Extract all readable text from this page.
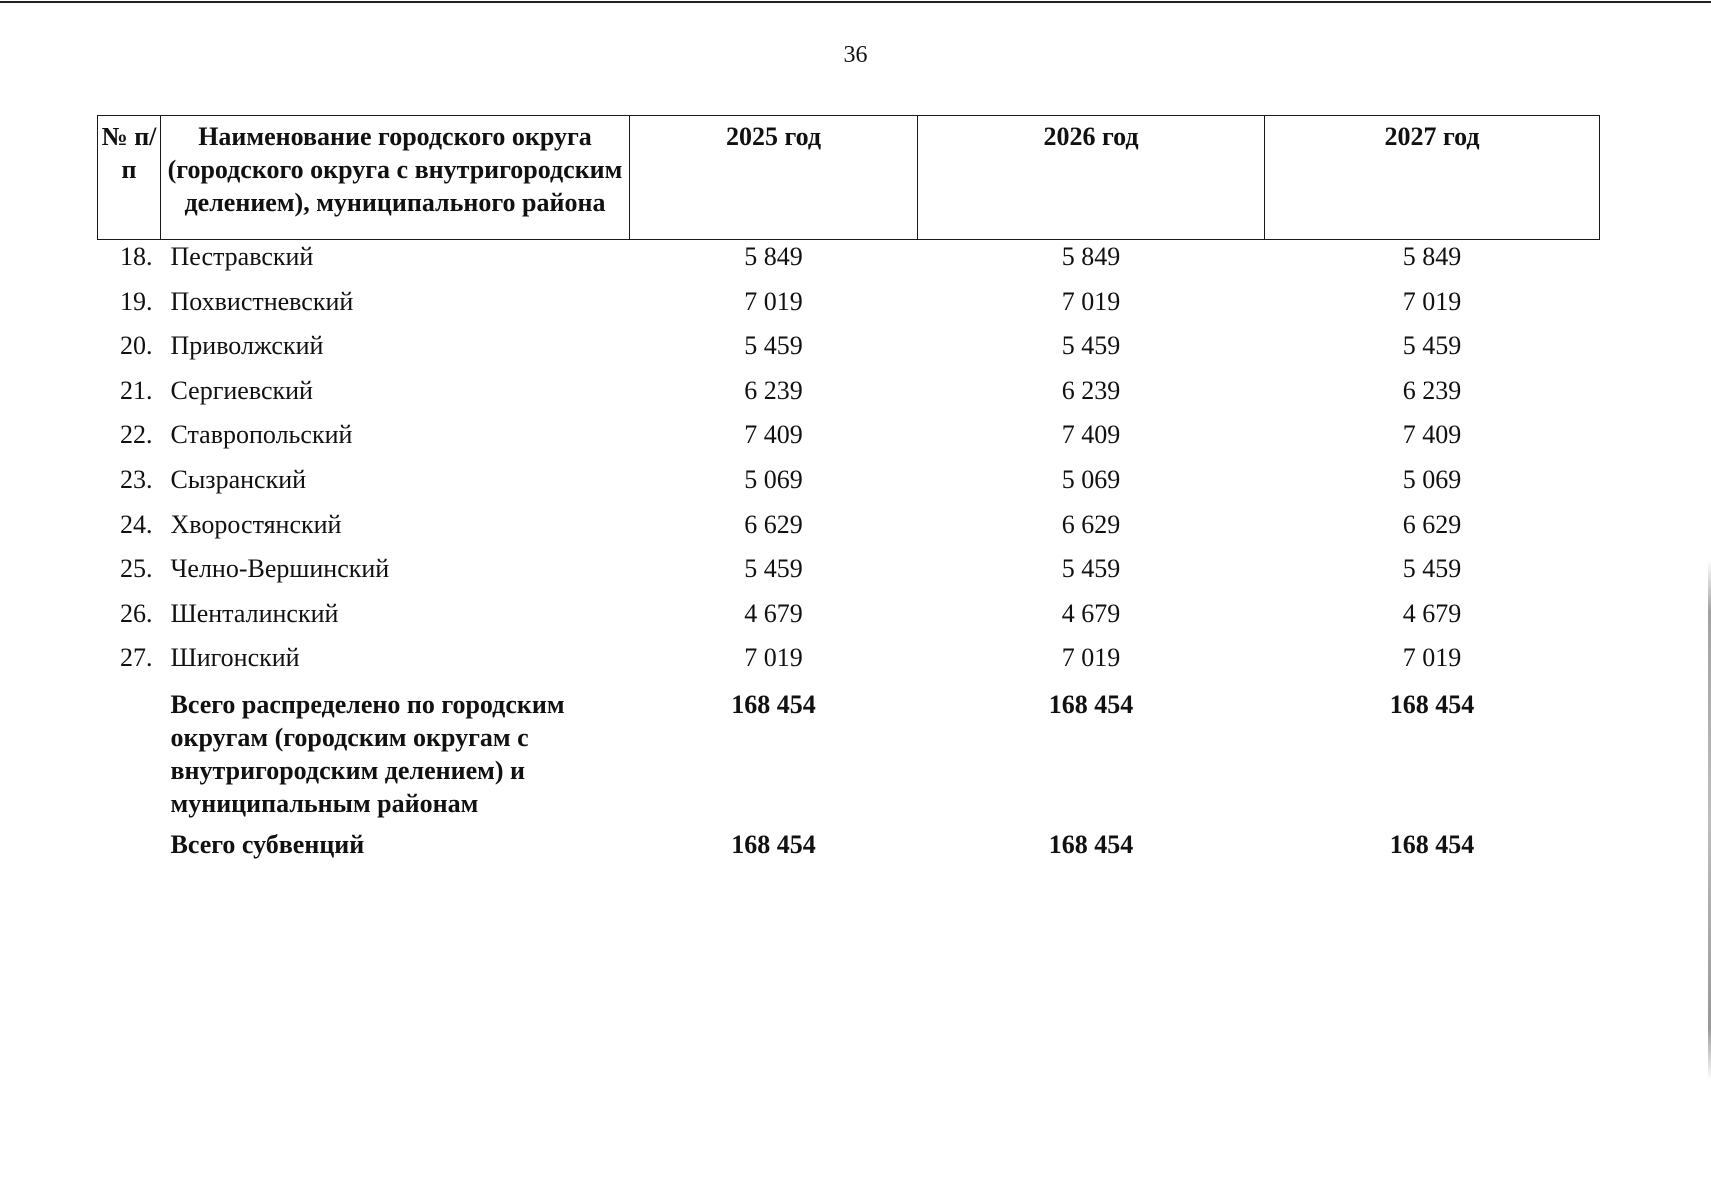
36
№ п/п	Наименование городского округа (городского округа с внутригородским делением), муниципального района	2025 год	2026 год	2027 год
18.	Пестравский	5 849	5 849	5 849
19.	Похвистневский	7 019	7 019	7 019
20.	Приволжский	5 459	5 459	5 459
21.	Сергиевский	6 239	6 239	6 239
22.	Ставропольский	7 409	7 409	7 409
23.	Сызранский	5 069	5 069	5 069
24.	Хворостянский	6 629	6 629	6 629
25.	Челно-Вершинский	5 459	5 459	5 459
26.	Шенталинский	4 679	4 679	4 679
27.	Шигонский	7 019	7 019	7 019
	Всего распределено по городским округам (городским округам с внутригородским делением) и муниципальным районам	168 454	168 454	168 454
	Всего субвенций	168 454	168 454	168 454
